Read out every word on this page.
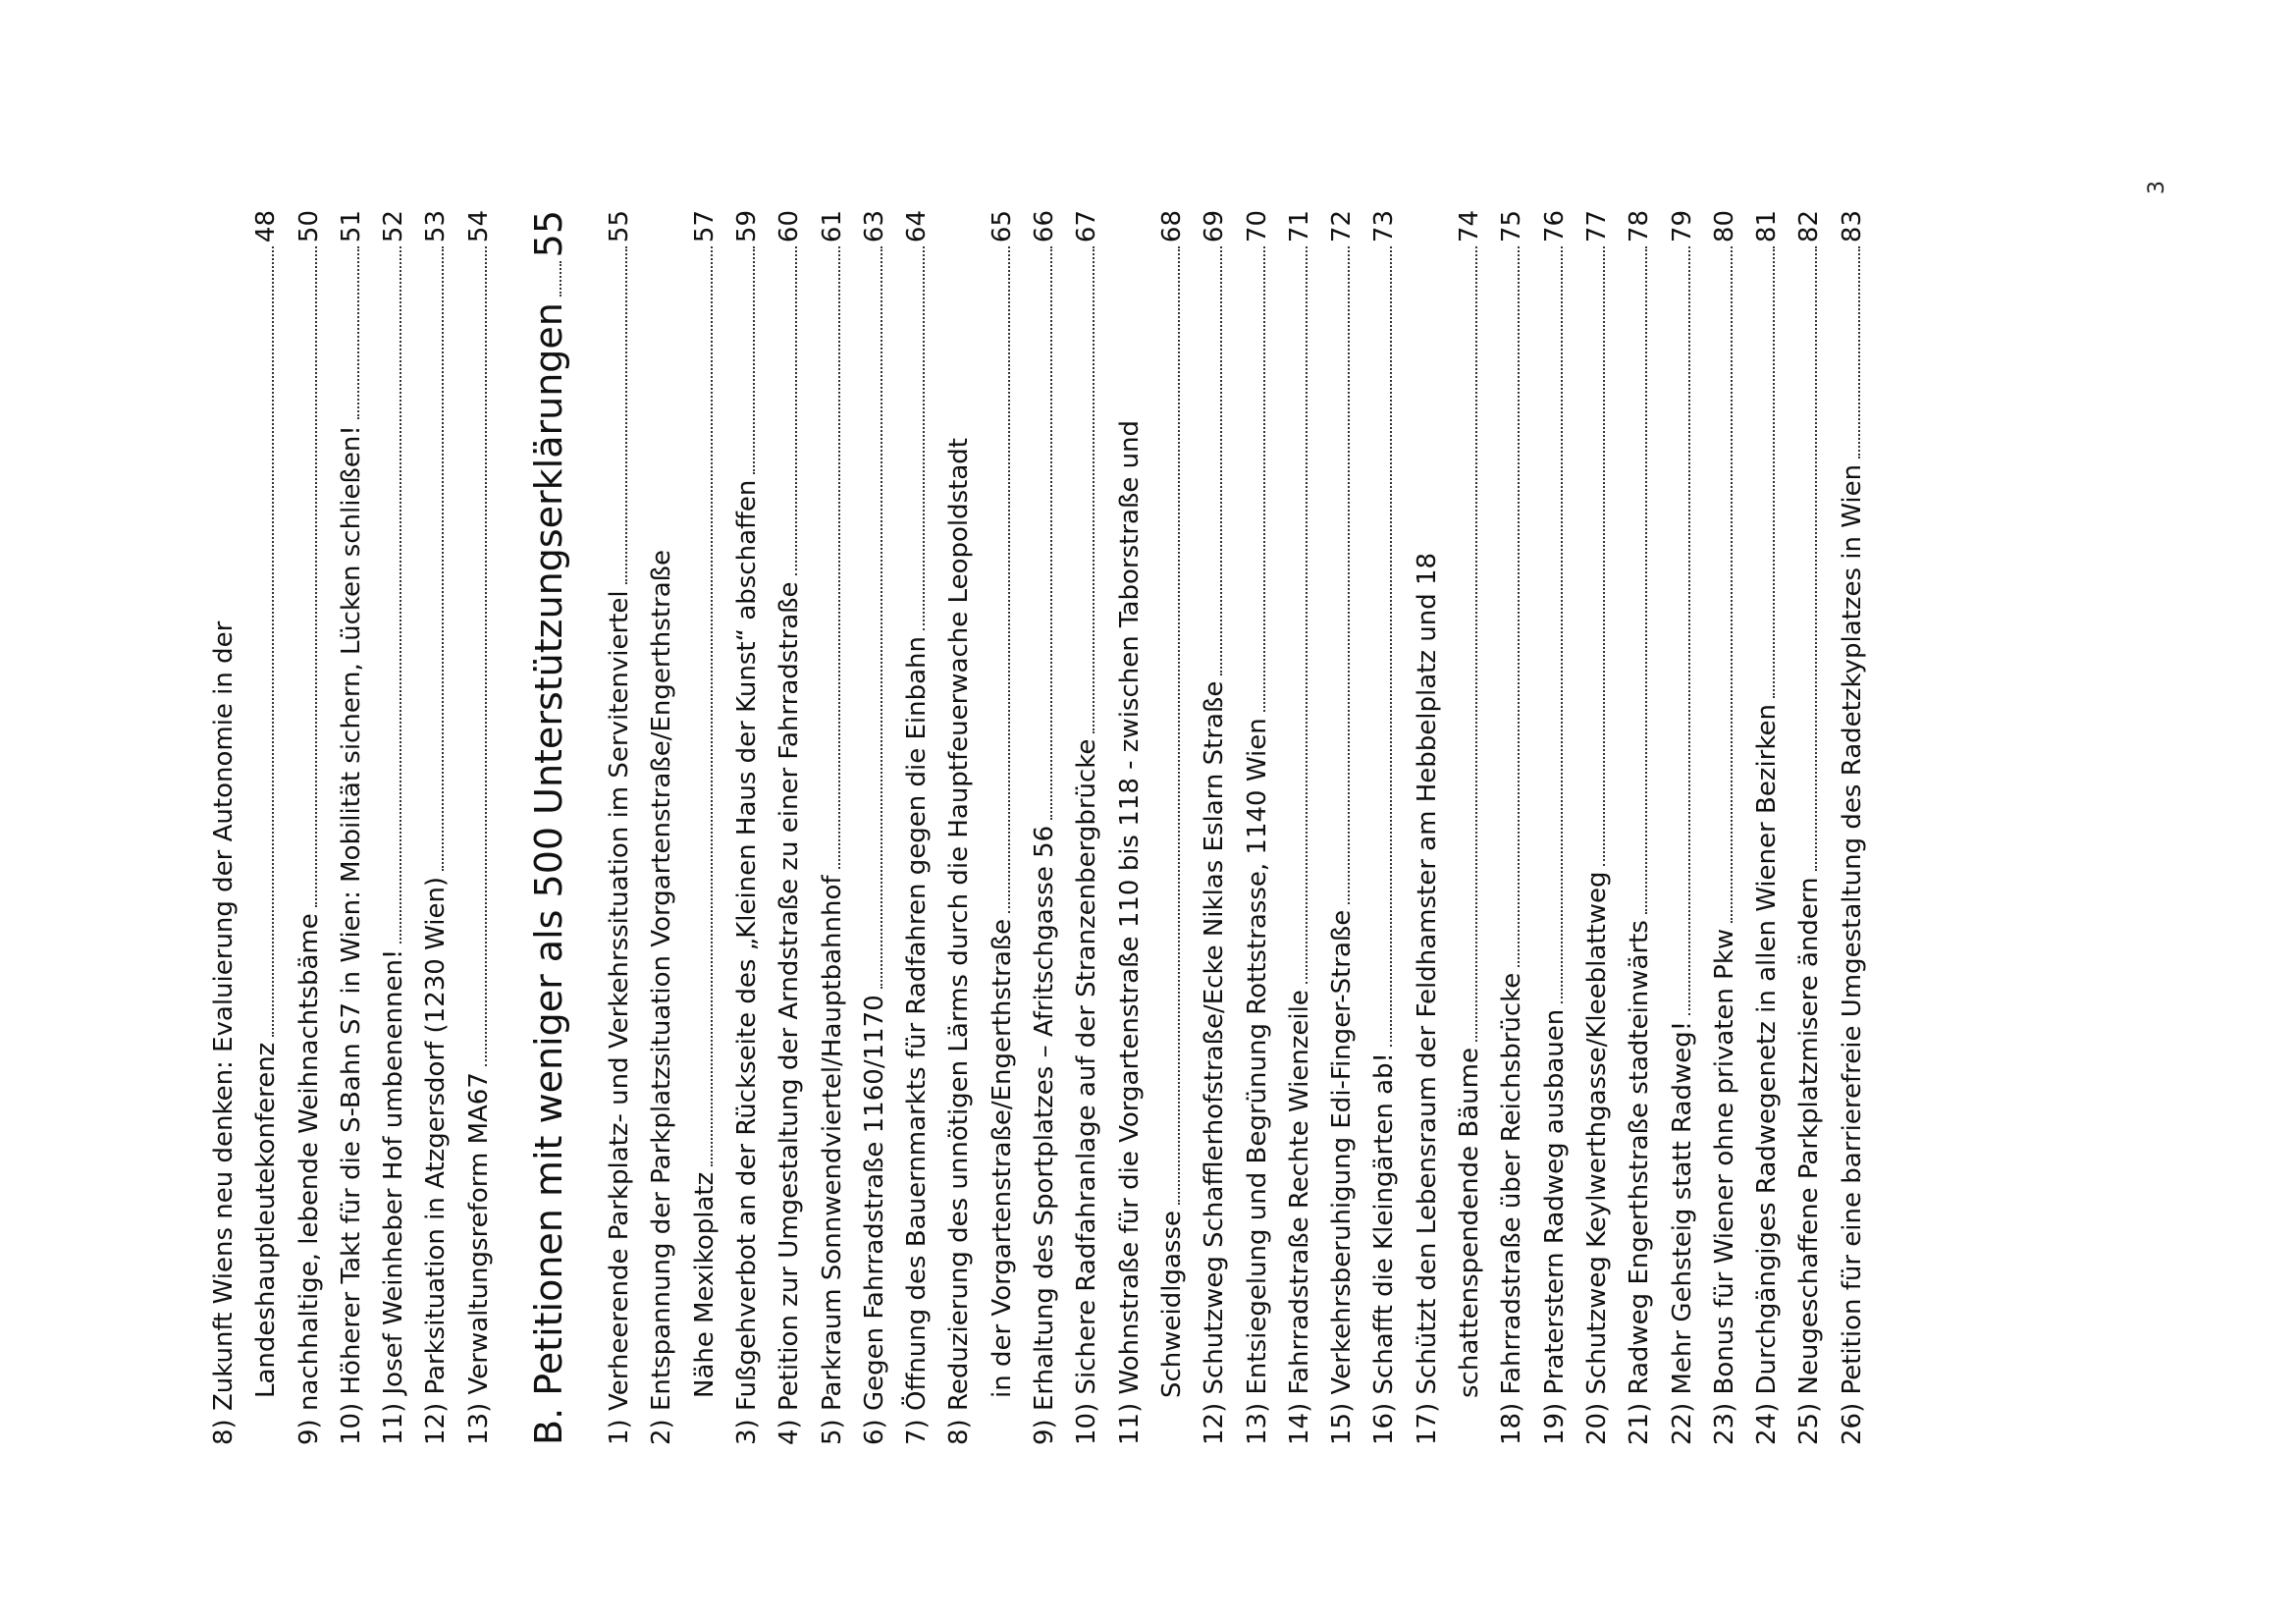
8) Zukunft Wiens neu denken: Evaluierung der Autonomie in der Landeshauptleutekonferenz
48
9) nachhaltige, lebende Weihnachtsbäme
50
10) Höherer Takt für die S-Bahn S7 in Wien: Mobilität sichern, Lücken schließen!
51
11) Josef Weinheber Hof umbenennen!
52
12) Parksituation in Atzgersdorf (1230 Wien)
53
13) Verwaltungsreform MA67
54
B. Petitionen mit weniger als 500 Unterstützungserklärungen
55
1) Verheerende Parkplatz- und Verkehrssituation im Servitenviertel
55
2) Entspannung der Parkplatzsituation Vorgartenstraße/Engerthstraße Nähe Mexikoplatz
57
3) Fußgehverbot an der Rückseite des „Kleinen Haus der Kunst“ abschaffen
59
4) Petition zur Umgestaltung der Arndstraße zu einer Fahrradstraße
60
5) Parkraum Sonnwendviertel/Hauptbahnhof
61
6) Gegen Fahrradstraße 1160/1170
63
7) Öffnung des Bauernmarkts für Radfahren gegen die Einbahn
64
8) Reduzierung des unnötigen Lärms durch die Hauptfeuerwache Leopoldstadt in der Vorgartenstraße/Engerthstraße
65
9) Erhaltung des Sportplatzes – Afritschgasse 56
66
10) Sichere Radfahranlage auf der Stranzenbergbrücke
67
11) Wohnstraße für die Vorgartenstraße 110 bis 118 - zwischen Taborstraße und Schweidlgasse
68
12) Schutzweg Schafflerhofstraße/Ecke Niklas Eslarn Straße
69
13) Entsiegelung und Begrünung Rottstrasse, 1140 Wien
70
14) Fahrradstraße Rechte Wienzeile
71
15) Verkehrsberuhigung Edi-Finger-Straße
72
16) Schafft die Kleingärten ab!
73
17) Schützt den Lebensraum der Feldhamster am Hebbelplatz und 18 schattenspendende Bäume
74
18) Fahrradstraße über Reichsbrücke
75
19) Praterstern Radweg ausbauen
76
20) Schutzweg Keylwerthgasse/Kleeblattweg
77
21) Radweg Engerthstraße stadteinwärts
78
22) Mehr Gehsteig statt Radweg!
79
23) Bonus für Wiener ohne privaten Pkw
80
24) Durchgängiges Radwegenetz in allen Wiener Bezirken
81
25) Neugeschaffene Parkplatzmisere ändern
82
26) Petition für eine barrierefreie Umgestaltung des Radetzkyplatzes in Wien
83
3
